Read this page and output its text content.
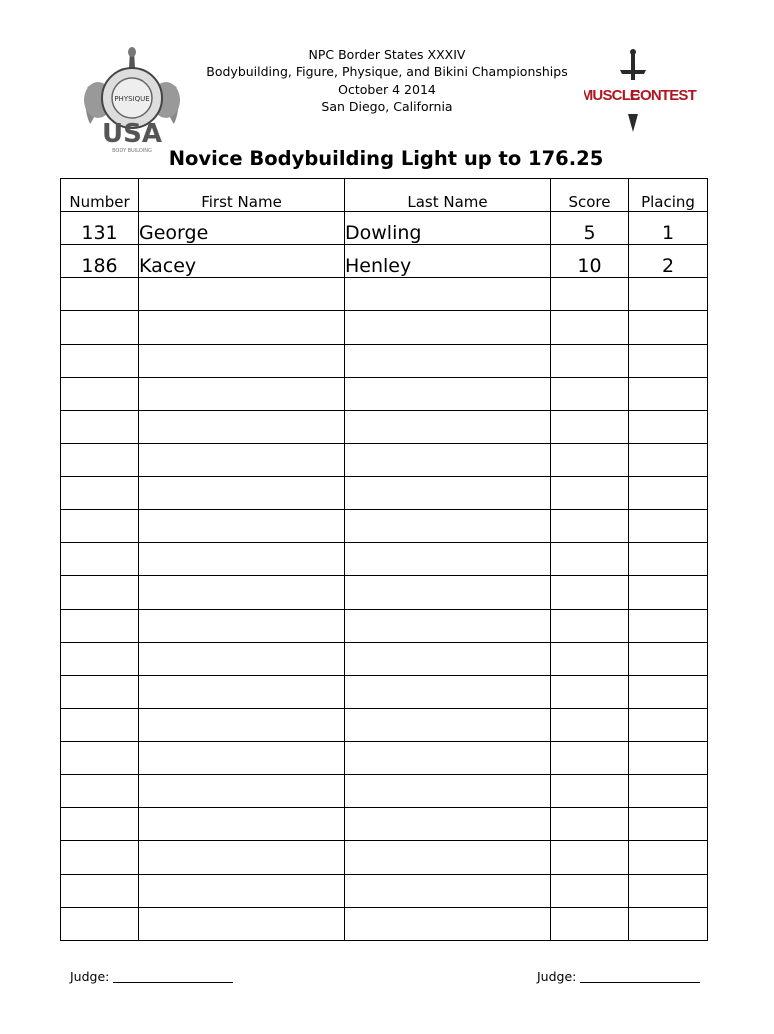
PHYSIQUE
USA
BODY BUILDING
NPC Border States XXXIV
Bodybuilding, Figure, Physique, and Bikini Championships
October 4 2014
San Diego, California
MUSCLE
CONTEST
Novice Bodybuilding Light up to 176.25
Number	First Name	Last Name	Score	Placing
131	George	Dowling	5	1
186	Kacey	Henley	10	2

Judge:	Judge:
